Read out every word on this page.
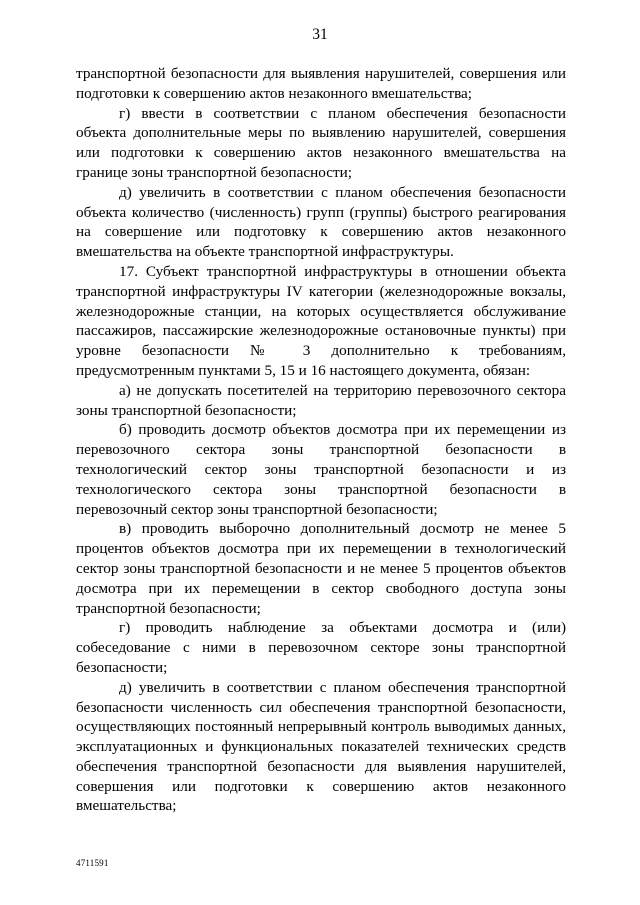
31

транспортной безопасности для выявления нарушителей, совершения или подготовки к совершению актов незаконного вмешательства;

г) ввести в соответствии с планом обеспечения безопасности объекта дополнительные меры по выявлению нарушителей, совершения или подготовки к совершению актов незаконного вмешательства на границе зоны транспортной безопасности;

д) увеличить в соответствии с планом обеспечения безопасности объекта количество (численность) групп (группы) быстрого реагирования на совершение или подготовку к совершению актов незаконного вмешательства на объекте транспортной инфраструктуры.

17. Субъект транспортной инфраструктуры в отношении объекта транспортной инфраструктуры IV категории (железнодорожные вокзалы, железнодорожные станции, на которых осуществляется обслуживание пассажиров, пассажирские железнодорожные остановочные пункты) при уровне безопасности № 3 дополнительно к требованиям, предусмотренным пунктами 5, 15 и 16 настоящего документа, обязан:

а) не допускать посетителей на территорию перевозочного сектора зоны транспортной безопасности;

б) проводить досмотр объектов досмотра при их перемещении из перевозочного сектора зоны транспортной безопасности в технологический сектор зоны транспортной безопасности и из технологического сектора зоны транспортной безопасности в перевозочный сектор зоны транспортной безопасности;

в) проводить выборочно дополнительный досмотр не менее 5 процентов объектов досмотра при их перемещении в технологический сектор зоны транспортной безопасности и не менее 5 процентов объектов досмотра при их перемещении в сектор свободного доступа зоны транспортной безопасности;

г) проводить наблюдение за объектами досмотра и (или) собеседование с ними в перевозочном секторе зоны транспортной безопасности;

д) увеличить в соответствии с планом обеспечения транспортной безопасности численность сил обеспечения транспортной безопасности, осуществляющих постоянный непрерывный контроль выводимых данных, эксплуатационных и функциональных показателей технических средств обеспечения транспортной безопасности для выявления нарушителей, совершения или подготовки к совершению актов незаконного вмешательства;

4711591
